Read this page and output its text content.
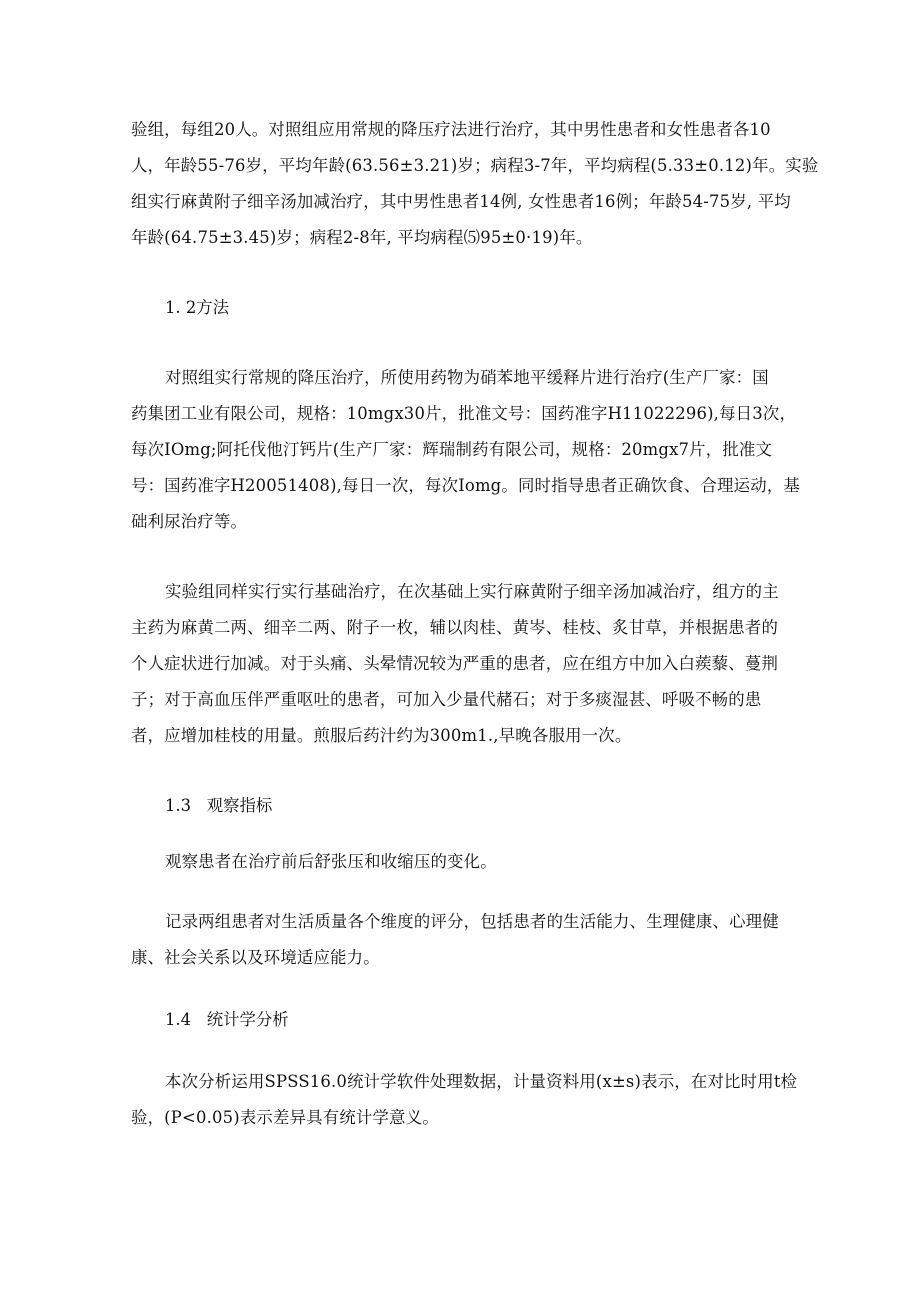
验组，每组20人。对照组应用常规的降压疗法进行治疗，其中男性患者和女性患者各10
人，年龄55-76岁，平均年龄(63.56±3.21)岁；病程3-7年，平均病程(5.33±0.12)年。实验
组实行麻黄附子细辛汤加减治疗，其中男性患者14例, 女性患者16例；年龄54-75岁, 平均
年龄(64.75±3.45)岁；病程2-8年, 平均病程⑸95±0·19)年。

1. 2方法

对照组实行常规的降压治疗，所使用药物为硝苯地平缓释片进行治疗(生产厂家：国
药集团工业有限公司，规格：10mgx30片，批准文号：国药准字H11022296),每日3次，
每次IOmg;阿托伐他汀钙片(生产厂家：辉瑞制药有限公司，规格：20mgx7片，批准文
号：国药准字H20051408),每日一次，每次Iomg。同时指导患者正确饮食、合理运动，基
础利尿治疗等。

实验组同样实行实行基础治疗，在次基础上实行麻黄附子细辛汤加减治疗，组方的主
主药为麻黄二两、细辛二两、附子一枚，辅以肉桂、黄岑、桂枝、炙甘草，并根据患者的
个人症状进行加减。对于头痛、头晕情况较为严重的患者，应在组方中加入白蒺藜、蔓荆
子；对于高血压伴严重呕吐的患者，可加入少量代赭石；对于多痰湿甚、呼吸不畅的患
者，应增加桂枝的用量。煎服后药汁约为300m1.,早晚各服用一次。

1.3   观察指标

观察患者在治疗前后舒张压和收缩压的变化。

记录两组患者对生活质量各个维度的评分，包括患者的生活能力、生理健康、心理健
康、社会关系以及环境适应能力。

1.4   统计学分析

本次分析运用SPSS16.0统计学软件处理数据，计量资料用(x±s)表示，在对比时用t检
验，(P<0.05)表示差异具有统计学意义。
